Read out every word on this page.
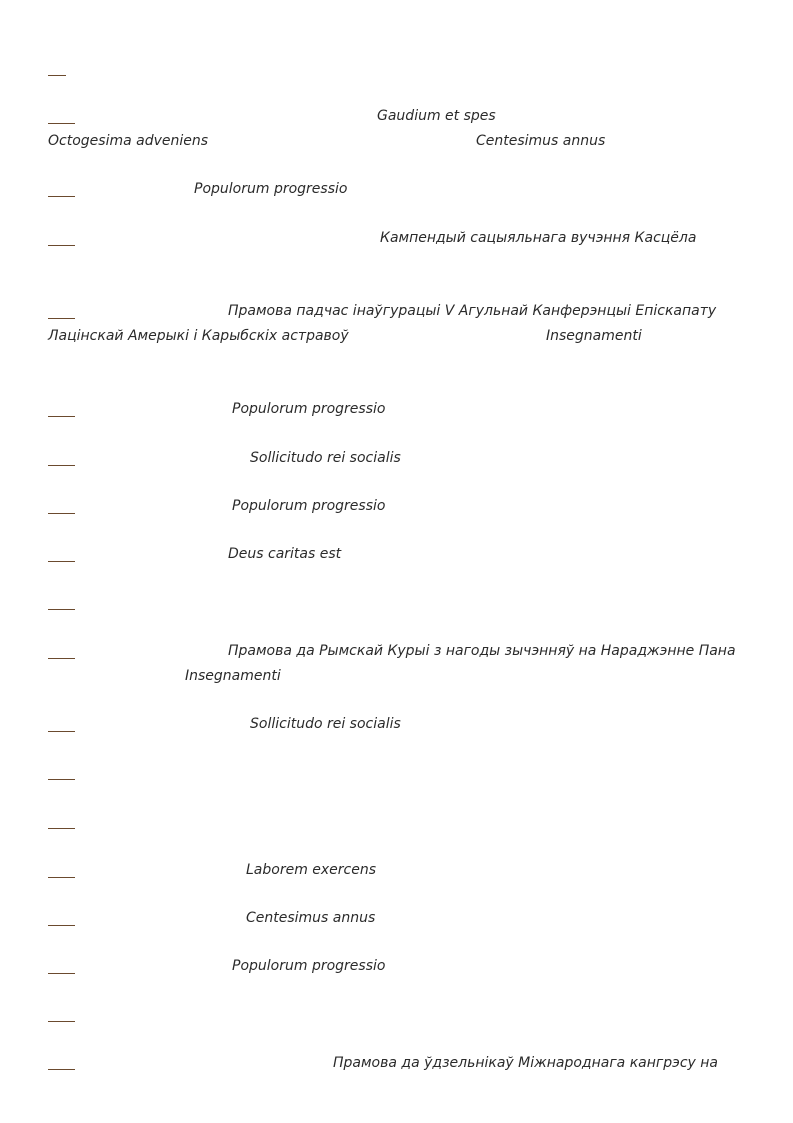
Gaudium et spes
Octogesima adveniens	Centesimus annus
Populorum progressio
Кампендый сацыяльнага вучэння Касцёла
Прамова падчас інаўгурацыі V Агульнай Канферэнцыі Епіскапату
Лацінскай Амерыкі і Карыбскіх астравоў	Insegnamenti
Populorum progressio
Sollicitudo rei socialis
Populorum progressio
Deus caritas est
Прамова да Рымскай Курыі з нагоды зычэнняў на Нараджэнне Пана
Insegnamenti
Sollicitudo rei socialis
Laborem exercens
Centesimus annus
Populorum progressio
Прамова да ўдзельнікаў Міжнароднага кангрэсу на
